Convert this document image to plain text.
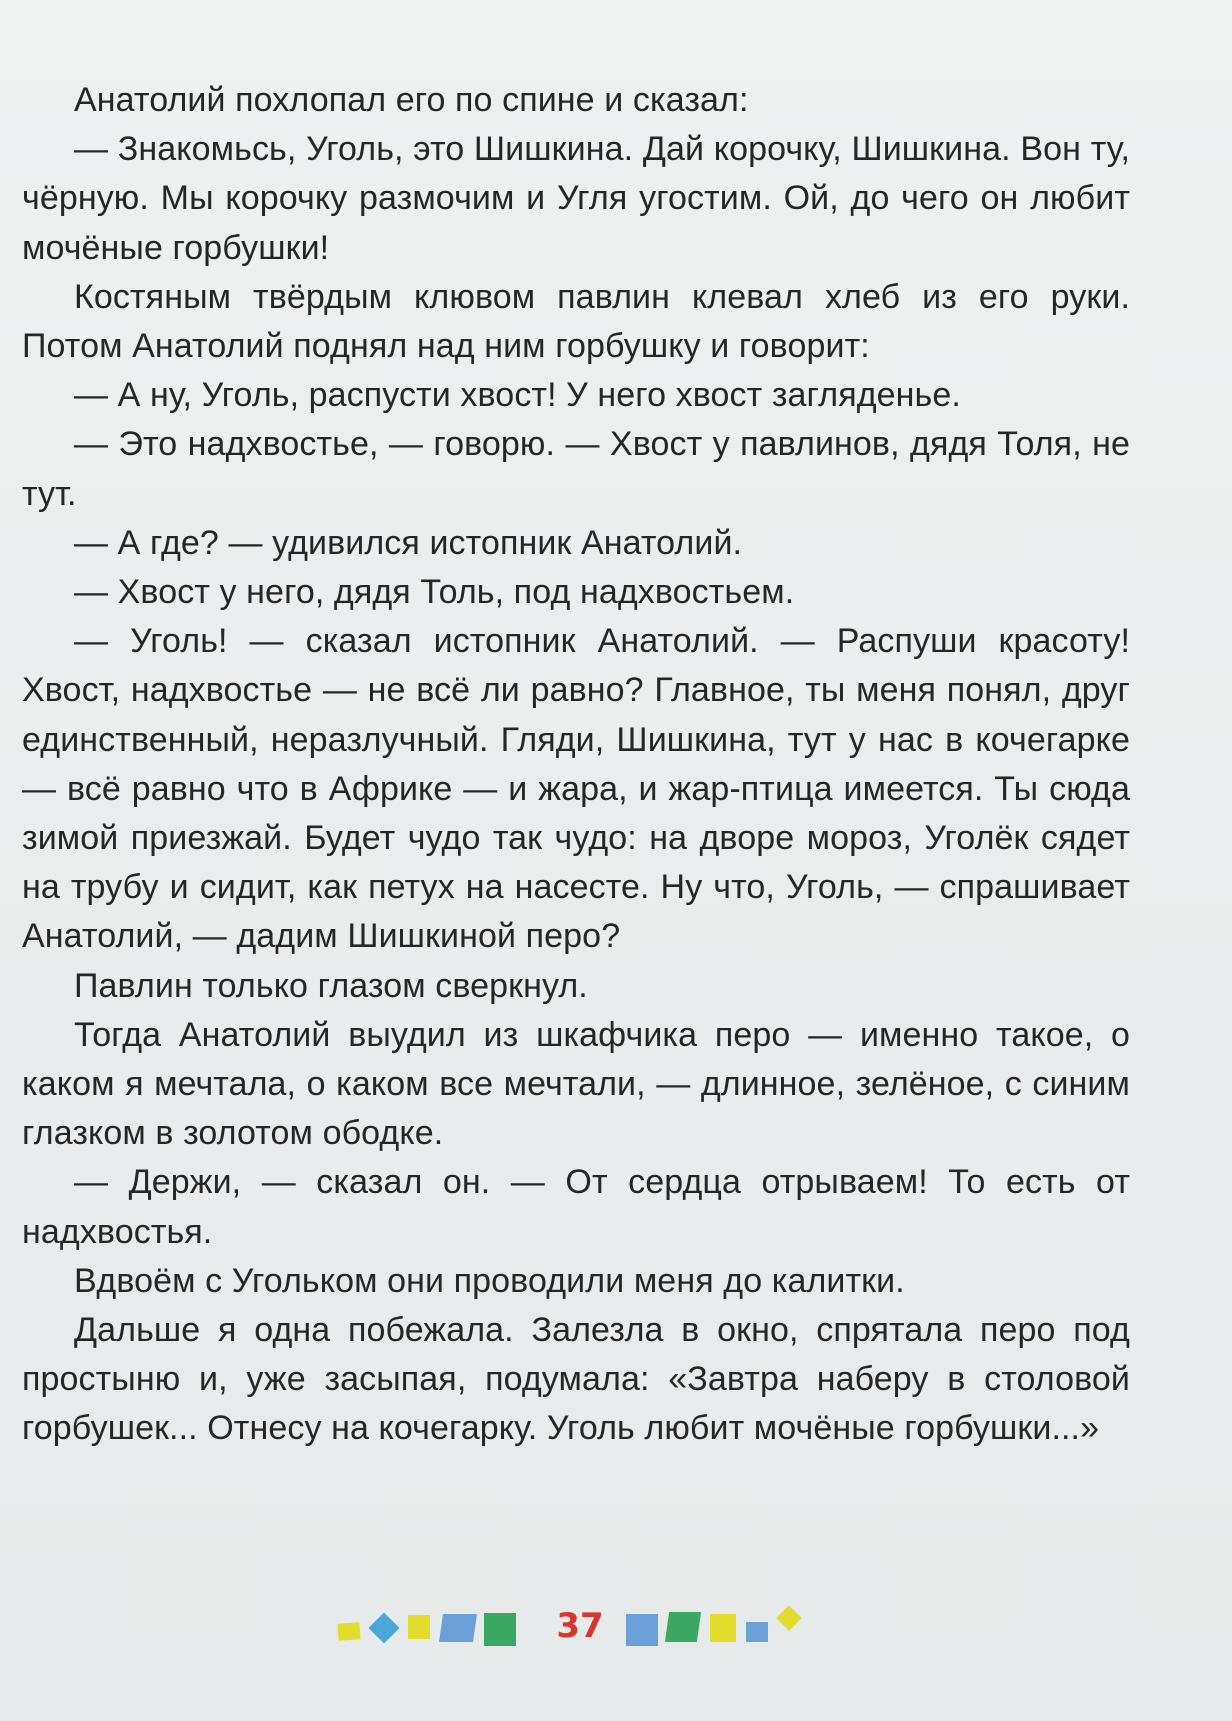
Анатолий похлопал его по спине и сказал:

— Знакомьсь, Уголь, это Шишкина. Дай корочку, Шишкина. Вон ту, чёрную. Мы корочку размочим и Угля угостим. Ой, до чего он любит мочёные горбушки!

Костяным твёрдым клювом павлин клевал хлеб из его руки. Потом Анатолий поднял над ним горбушку и говорит:

— А ну, Уголь, распусти хвост! У него хвост загляденье.

— Это надхвостье, — говорю. — Хвост у павлинов, дядя Толя, не тут.

— А где? — удивился истопник Анатолий.

— Хвост у него, дядя Толь, под надхвостьем.

— Уголь! — сказал истопник Анатолий. — Распуши красоту! Хвост, надхвостье — не всё ли равно? Главное, ты меня понял, друг единственный, неразлучный. Гляди, Шишкина, тут у нас в кочегарке — всё равно что в Африке — и жара, и жар-птица имеется. Ты сюда зимой приезжай. Будет чудо так чудо: на дворе мороз, Уголёк сядет на трубу и сидит, как петух на насесте. Ну что, Уголь, — спрашивает Анатолий, — дадим Шишкиной перо?

Павлин только глазом сверкнул.

Тогда Анатолий выудил из шкафчика перо — именно такое, о каком я мечтала, о каком все мечтали, — длинное, зелёное, с синим глазком в золотом ободке.

— Держи, — сказал он. — От сердца отрываем! То есть от надхвостья.

Вдвоём с Угольком они проводили меня до калитки.

Дальше я одна побежала. Залезла в окно, спрятала перо под простыню и, уже засыпая, подумала: «Завтра наберу в столовой горбушек... Отнесу на кочегарку. Уголь любит мочёные горбушки...»

37
